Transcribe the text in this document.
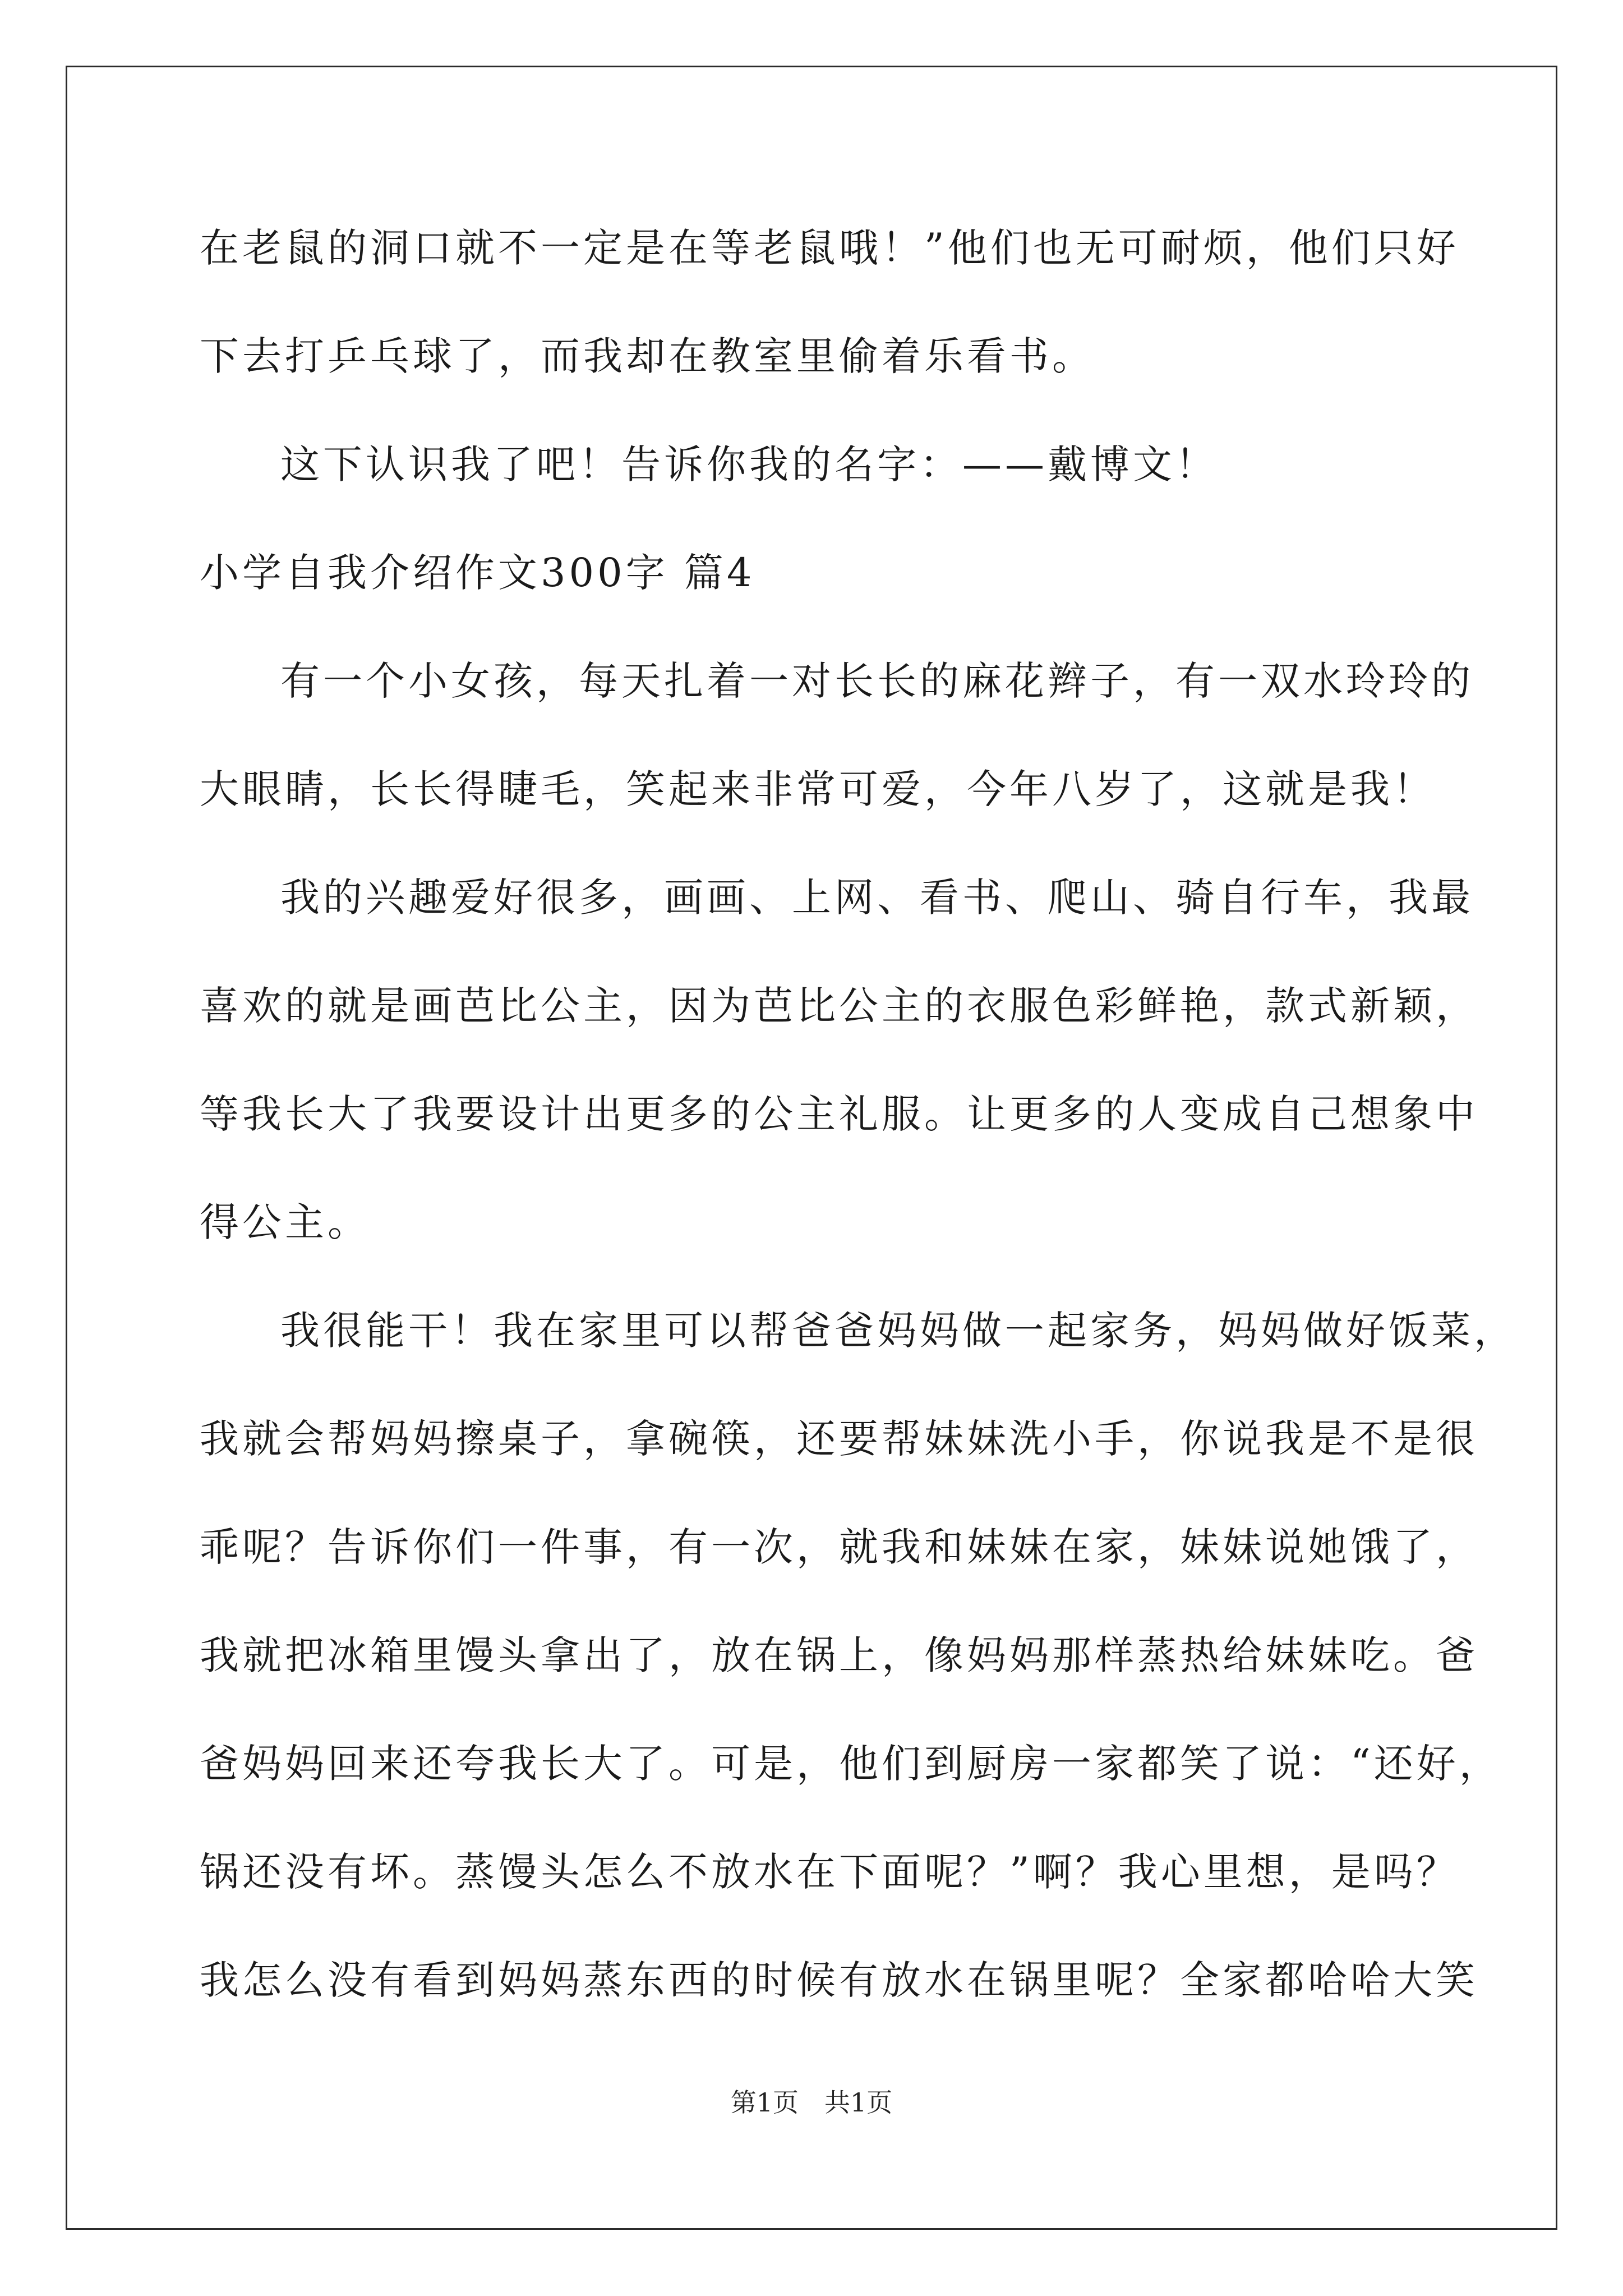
在老鼠的洞口就不一定是在等老鼠哦！”他们也无可耐烦，他们只好
下去打乒乓球了，而我却在教室里偷着乐看书。
这下认识我了吧！告诉你我的名字：——戴博文！
小学自我介绍作文300字 篇4
有一个小女孩，每天扎着一对长长的麻花辫子，有一双水玲玲的
大眼睛，长长得睫毛，笑起来非常可爱，今年八岁了，这就是我！
我的兴趣爱好很多，画画、上网、看书、爬山、骑自行车，我最
喜欢的就是画芭比公主，因为芭比公主的衣服色彩鲜艳，款式新颖，
等我长大了我要设计出更多的公主礼服。让更多的人变成自己想象中
得公主。
我很能干！我在家里可以帮爸爸妈妈做一起家务，妈妈做好饭菜，
我就会帮妈妈擦桌子，拿碗筷，还要帮妹妹洗小手，你说我是不是很
乖呢？告诉你们一件事，有一次，就我和妹妹在家，妹妹说她饿了，
我就把冰箱里馒头拿出了，放在锅上，像妈妈那样蒸热给妹妹吃。爸
爸妈妈回来还夸我长大了。可是，他们到厨房一家都笑了说：“还好，
锅还没有坏。蒸馒头怎么不放水在下面呢？”啊？我心里想，是吗？
我怎么没有看到妈妈蒸东西的时候有放水在锅里呢？全家都哈哈大笑
第1页 共1页
